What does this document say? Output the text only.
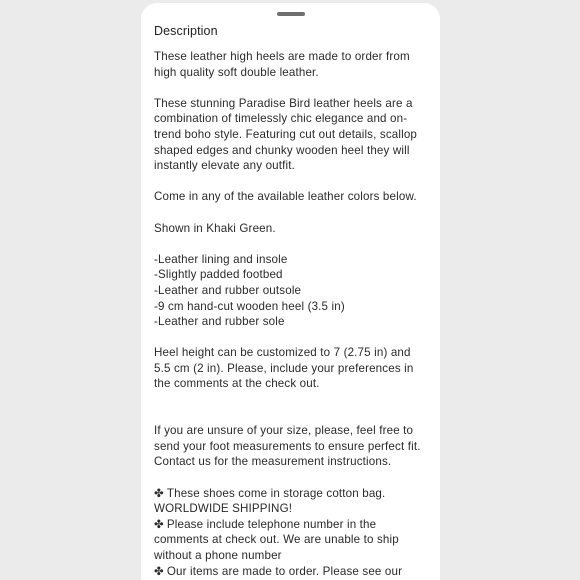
Description
These leather high heels are made to order from
high quality soft double leather.
These stunning Paradise Bird leather heels are a
combination of timelessly chic elegance and on-
trend boho style. Featuring cut out details, scallop
shaped edges and chunky wooden heel they will
instantly elevate any outfit.
Come in any of the available leather colors below.
Shown in Khaki Green.
-Leather lining and insole
-Slightly padded footbed
-Leather and rubber outsole
-9 cm hand-cut wooden heel (3.5 in)
-Leather and rubber sole
Heel height can be customized to 7 (2.75 in) and
5.5 cm (2 in). Please, include your preferences in
the comments at the check out.
If you are unsure of your size, please, feel free to
send your foot measurements to ensure perfect fit.
Contact us for the measurement instructions.
✤ These shoes come in storage cotton bag.
WORLDWIDE SHIPPING!
✤ Please include telephone number in the
comments at check out. We are unable to ship
without a phone number
✤ Our items are made to order. Please see our
